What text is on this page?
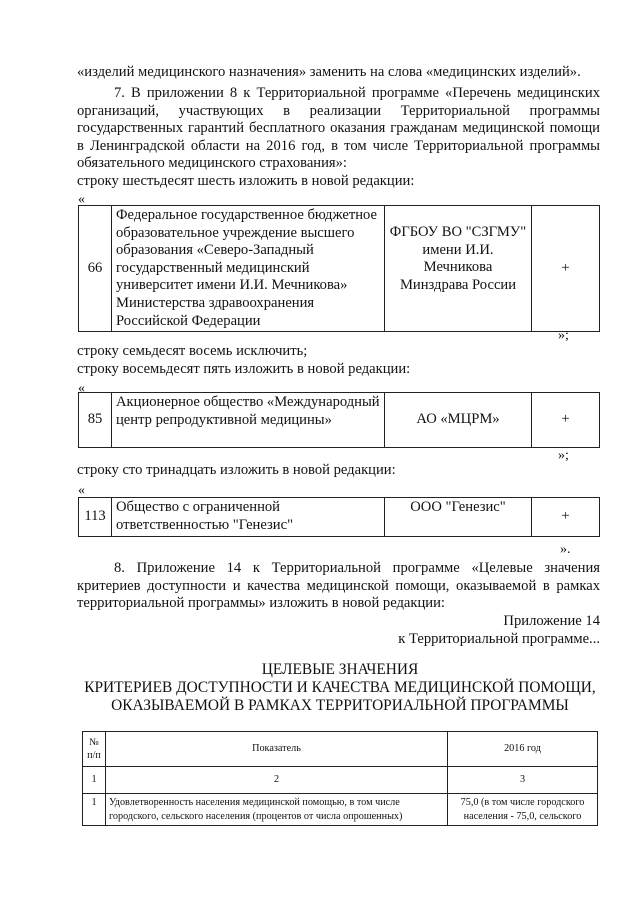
«изделий медицинского назначения» заменить на слова «медицинских изделий».

7. В приложении 8 к Территориальной программе «Перечень медицинских организаций, участвующих в реализации Территориальной программы государственных гарантий бесплатного оказания гражданам медицинской помощи в Ленинградской области на 2016 год, в том числе Территориальной программы обязательного медицинского страхования»:

строку шестьдесят шесть изложить в новой редакции:

«
66	Федеральное государственное бюджетное образовательное учреждение высшего образования «Северо-Западный государственный медицинский университет имени И.И. Мечникова» Министерства здравоохранения Российской Федерации	ФГБОУ ВО "СЗГМУ" имени И.И. Мечникова Минздрава России	+
»;

строку семьдесят восемь исключить;

строку восемьдесят пять изложить в новой редакции:

«
85	Акционерное общество «Международный центр репродуктивной медицины»	АО «МЦРМ»	+
»;

строку сто тринадцать изложить в новой редакции:

«
113	Общество с ограниченной ответственностью "Генезис"	ООО "Генезис"	+
».

8. Приложение 14 к Территориальной программе «Целевые значения критериев доступности и качества медицинской помощи, оказываемой в рамках территориальной программы» изложить в новой редакции:

Приложение 14
к Территориальной программе...
ЦЕЛЕВЫЕ ЗНАЧЕНИЯ
КРИТЕРИЕВ ДОСТУПНОСТИ И КАЧЕСТВА МЕДИЦИНСКОЙ ПОМОЩИ,
ОКАЗЫВАЕМОЙ В РАМКАХ ТЕРРИТОРИАЛЬНОЙ ПРОГРАММЫ
№ п/п	Показатель	2016 год
1	2	3
1	Удовлетворенность населения медицинской помощью, в том числе городского, сельского населения (процентов от числа опрошенных)	75,0 (в том числе городского населения - 75,0, сельского
